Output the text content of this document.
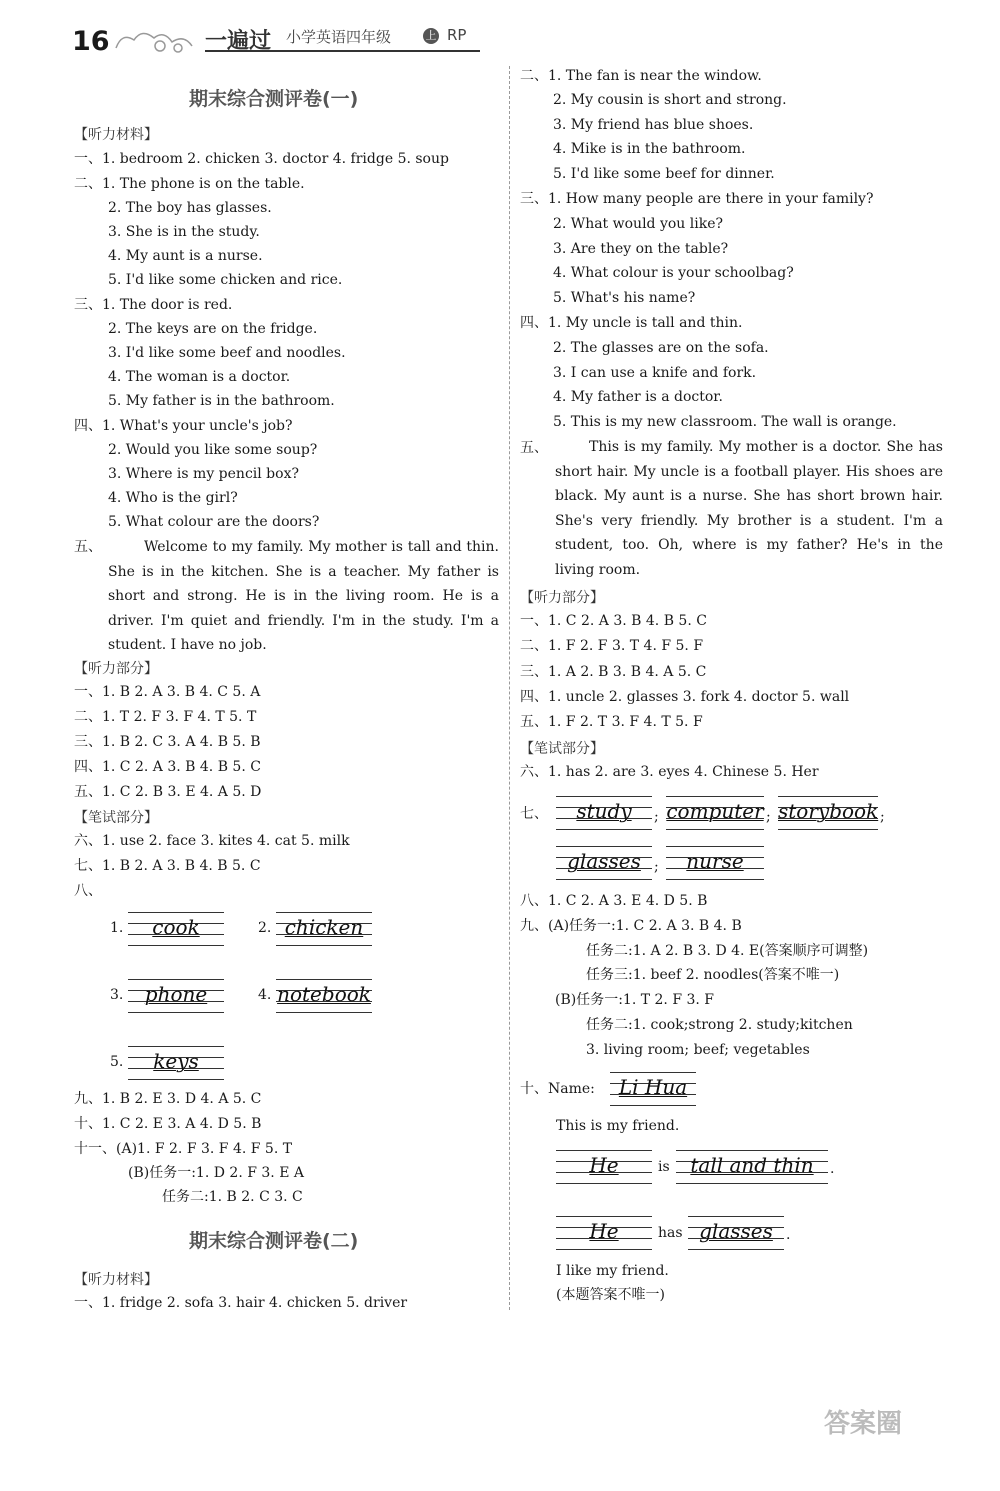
16	一遍过 小学英语四年级	上 RP
期末综合测评卷(一)
【听力材料】
一、1. bedroom 2. chicken 3. doctor 4. fridge 5. soup
二、1. The phone is on the table.
2. The boy has glasses.
3. She is in the study.
4. My aunt is a nurse.
5. I'd like some chicken and rice.
三、1. The door is red.
2. The keys are on the fridge.
3. I'd like some beef and noodles.
4. The woman is a doctor.
5. My father is in the bathroom.
四、1. What's your uncle's job?
2. Would you like some soup?
3. Where is my pencil box?
4. Who is the girl?
5. What colour are the doors?
五、	Welcome to my family. My mother is tall and thin. She is in the kitchen. She is a teacher. My father is short and strong. He is in the living room. He is a driver. I'm quiet and friendly. I'm in the study. I'm a student. I have no job.
【听力部分】
一、1. B 2. A 3. B 4. C 5. A
二、1. T 2. F 3. F 4. T 5. T
三、1. B 2. C 3. A 4. B 5. B
四、1. C 2. A 3. B 4. B 5. C
五、1. C 2. B 3. E 4. A 5. D
【笔试部分】
六、1. use 2. face 3. kites 4. cat 5. milk
七、1. B 2. A 3. B 4. B 5. C
八、
1.	cook	2. chicken
3.	phone	4. notebook
5.	keys
九、1. B 2. E 3. D 4. A 5. C
十、1. C 2. E 3. A 4. D 5. B
十一、(A)1. F 2. F 3. F 4. F 5. T
(B)任务一:1. D 2. F 3. E A
任务二:1. B 2. C 3. C
期末综合测评卷(二)
【听力材料】
一、1. fridge 2. sofa 3. hair 4. chicken 5. driver
二、1. The fan is near the window.
2. My cousin is short and strong.
3. My friend has blue shoes.
4. Mike is in the bathroom.
5. I'd like some beef for dinner.
三、1. How many people are there in your family?
2. What would you like?
3. Are they on the table?
4. What colour is your schoolbag?
5. What's his name?
四、1. My uncle is tall and thin.
2. The glasses are on the sofa.
3. I can use a knife and fork.
4. My father is a doctor.
5. This is my new classroom. The wall is orange.
五、	This is my family. My mother is a doctor. She has short hair. My uncle is a football player. His shoes are black. My aunt is a nurse. She has short brown hair. She's very friendly. My brother is a student. I'm a student, too. Oh, where is my father? He's in the living room.
【听力部分】
一、1. C 2. A 3. B 4. B 5. C
二、1. F 2. F 3. T 4. F 5. F
三、1. A 2. B 3. B 4. A 5. C
四、1. uncle 2. glasses 3. fork 4. doctor 5. wall
五、1. F 2. T 3. F 4. T 5. F
【笔试部分】
六、1. has 2. are 3. eyes 4. Chinese 5. Her
七、	study	; computer ; storybook ;
glasses ;	nurse
八、1. C 2. A 3. E 4. D 5. B
九、(A)任务一:1. C 2. A 3. B 4. B
任务二:1. A 2. B 3. D 4. E(答案顺序可调整)
任务三:1. beef 2. noodles(答案不唯一)
(B)任务一:1. T 2. F 3. F
任务二:1. cook;strong 2. study;kitchen
3. living room; beef; vegetables
十、Name:	Li Hua
This is my friend.
He	is	tall and thin	.
He	has glasses .
I like my friend.
(本题答案不唯一)
答案圈
